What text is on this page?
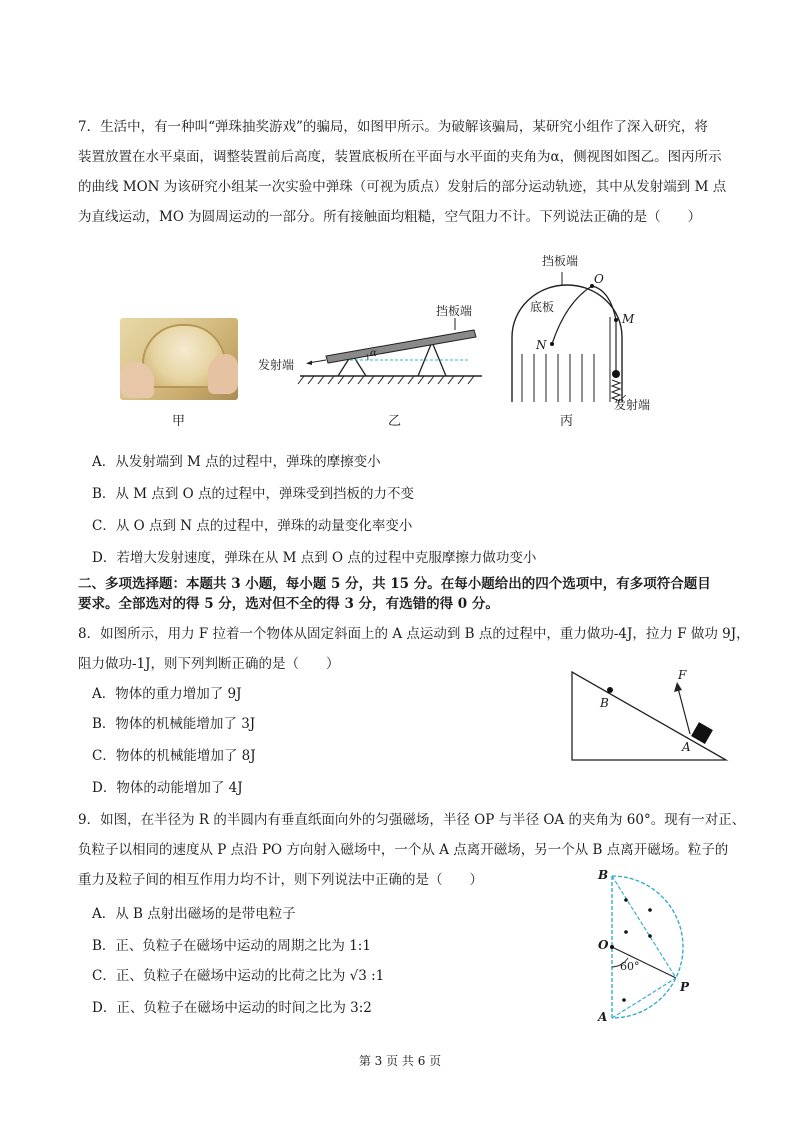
7．生活中，有一种叫“弹珠抽奖游戏”的骗局，如图甲所示。为破解该骗局，某研究小组作了深入研究，将
装置放置在水平桌面，调整装置前后高度，装置底板所在平面与水平面的夹角为α，侧视图如图乙。图丙所示
的曲线 MON 为该研究小组某一次实验中弹珠（可视为质点）发射后的部分运动轨迹，其中从发射端到 M 点
为直线运动，MO 为圆周运动的一部分。所有接触面均粗糙，空气阻力不计。下列说法正确的是（　　）
甲
挡板端
发射端
α
乙
挡板端
底板
O
M
N
发射端
丙
A．从发射端到 M 点的过程中，弹珠的摩擦变小
B．从 M 点到 O 点的过程中，弹珠受到挡板的力不变
C．从 O 点到 N 点的过程中，弹珠的动量变化率变小
D．若增大发射速度，弹珠在从 M 点到 O 点的过程中克服摩擦力做功变小
二、多项选择题：本题共 3 小题，每小题 5 分，共 15 分。在每小题给出的四个选项中，有多项符合题目
要求。全部选对的得 5 分，选对但不全的得 3 分，有选错的得 0 分。
8．如图所示，用力 F 拉着一个物体从固定斜面上的 A 点运动到 B 点的过程中，重力做功-4J，拉力 F 做功 9J，
阻力做功-1J，则下列判断正确的是（　　）
A．物体的重力增加了 9J
B．物体的机械能增加了 3J
C．物体的机械能增加了 8J
D．物体的动能增加了 4J
F
B
A
9．如图，在半径为 R 的半圆内有垂直纸面向外的匀强磁场，半径 OP 与半径 OA 的夹角为 60°。现有一对正、
负粒子以相同的速度从 P 点沿 PO 方向射入磁场中，一个从 A 点离开磁场，另一个从 B 点离开磁场。粒子的
重力及粒子间的相互作用力均不计，则下列说法中正确的是（　　）
A．从 B 点射出磁场的是带电粒子
B．正、负粒子在磁场中运动的周期之比为 1:1
C．正、负粒子在磁场中运动的比荷之比为 √3 :1
D．正、负粒子在磁场中运动的时间之比为 3:2
B
O
60°
P
A
第 3 页 共 6 页
